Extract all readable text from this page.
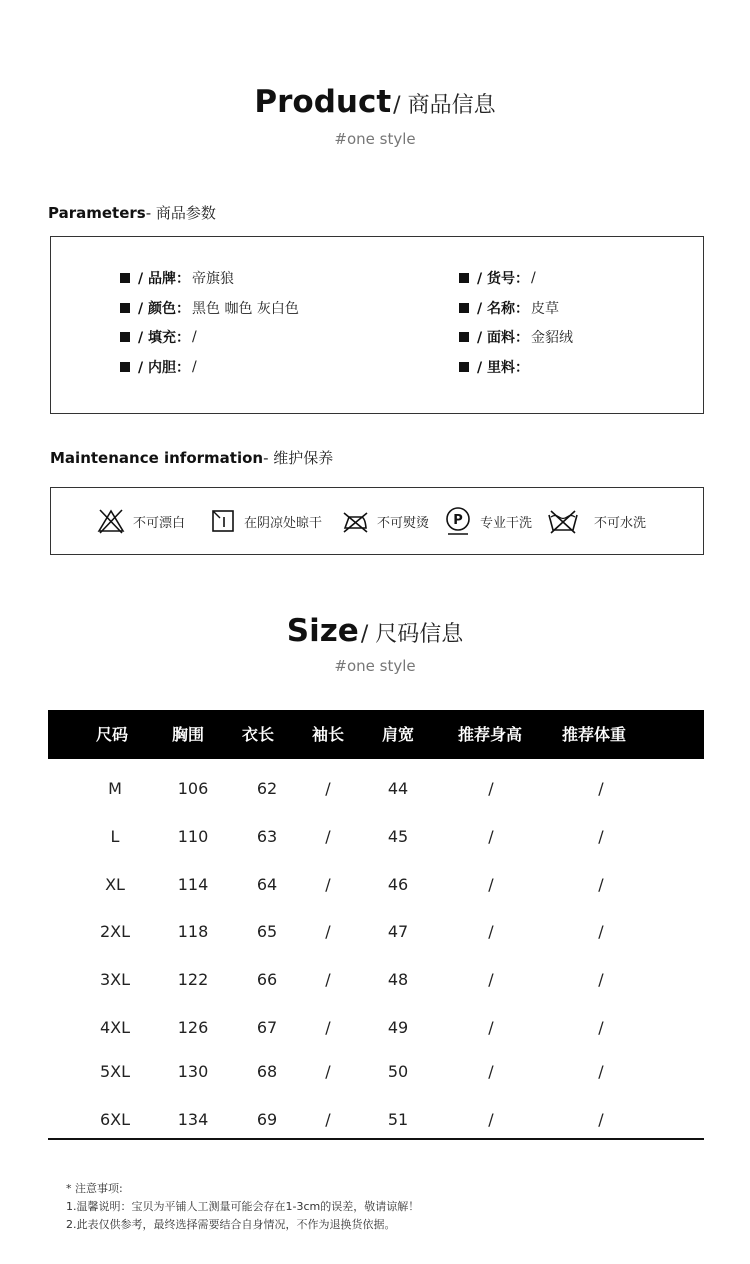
Product/ 商品信息
#one style
Parameters- 商品参数
/ 品牌： 帝旗狼	/ 货号： /
/ 颜色： 黑色 咖色 灰白色	/ 名称： 皮草
/ 填充： /	/ 面料： 金貂绒
/ 内胆： /	/ 里料：
Maintenance information- 维护保养
不可漂白	在阴凉处晾干	不可熨烫 P 专业干洗	不可水洗
Size/ 尺码信息
#one style
尺码	胸围 衣长 袖长 肩宽	推荐身高 推荐体重
M	106	62	/	44	/	/
L	110	63	/	45	/	/
XL	114	64	/	46	/	/
2XL	118	65	/	47	/	/
3XL	122	66	/	48	/	/
4XL	126	67	/	49	/	/
5XL	130	68	/	50	/	/
6XL	134	69	/	51	/	/
* 注意事项:
1.温馨说明：宝贝为平铺人工测量可能会存在1-3cm的误差，敬请谅解！
2.此表仅供参考，最终选择需要结合自身情况，不作为退换货依据。
